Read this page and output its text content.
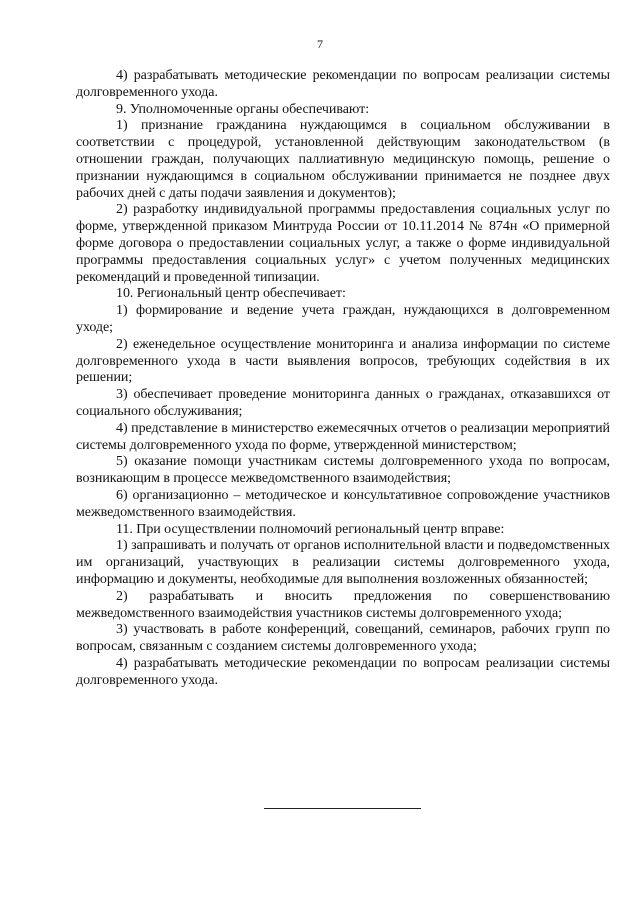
7

4) разрабатывать методические рекомендации по вопросам реализации системы долговременного ухода.

9. Уполномоченные органы обеспечивают:

1) признание гражданина нуждающимся в социальном обслуживании в соответствии с процедурой, установленной действующим законодательством (в отношении граждан, получающих паллиативную медицинскую помощь, решение о признании нуждающимся в социальном обслуживании принимается не позднее двух рабочих дней с даты подачи заявления и документов);

2) разработку индивидуальной программы предоставления социальных услуг по форме, утвержденной приказом Минтруда России от 10.11.2014 № 874н «О примерной форме договора о предоставлении социальных услуг, а также о форме индивидуальной программы предоставления социальных услуг» с учетом полученных медицинских рекомендаций и проведенной типизации.

10. Региональный центр обеспечивает:

1) формирование и ведение учета граждан, нуждающихся в долговременном уходе;

2) еженедельное осуществление мониторинга и анализа информации по системе долговременного ухода в части выявления вопросов, требующих содействия в их решении;

3) обеспечивает проведение мониторинга данных о гражданах, отказавшихся от социального обслуживания;

4) представление в министерство ежемесячных отчетов о реализации мероприятий системы долговременного ухода по форме, утвержденной министерством;

5) оказание помощи участникам системы долговременного ухода по вопросам, возникающим в процессе межведомственного взаимодействия;

6) организационно – методическое и консультативное сопровождение участников межведомственного взаимодействия.

11. При осуществлении полномочий региональный центр вправе:

1) запрашивать и получать от органов исполнительной власти и подведомственных им организаций, участвующих в реализации системы долговременного ухода, информацию и документы, необходимые для выполнения возложенных обязанностей;

2) разрабатывать и вносить предложения по совершенствованию межведомственного взаимодействия участников системы долговременного ухода;

3) участвовать в работе конференций, совещаний, семинаров, рабочих групп по вопросам, связанным с созданием системы долговременного ухода;

4) разрабатывать методические рекомендации по вопросам реализации системы долговременного ухода.
